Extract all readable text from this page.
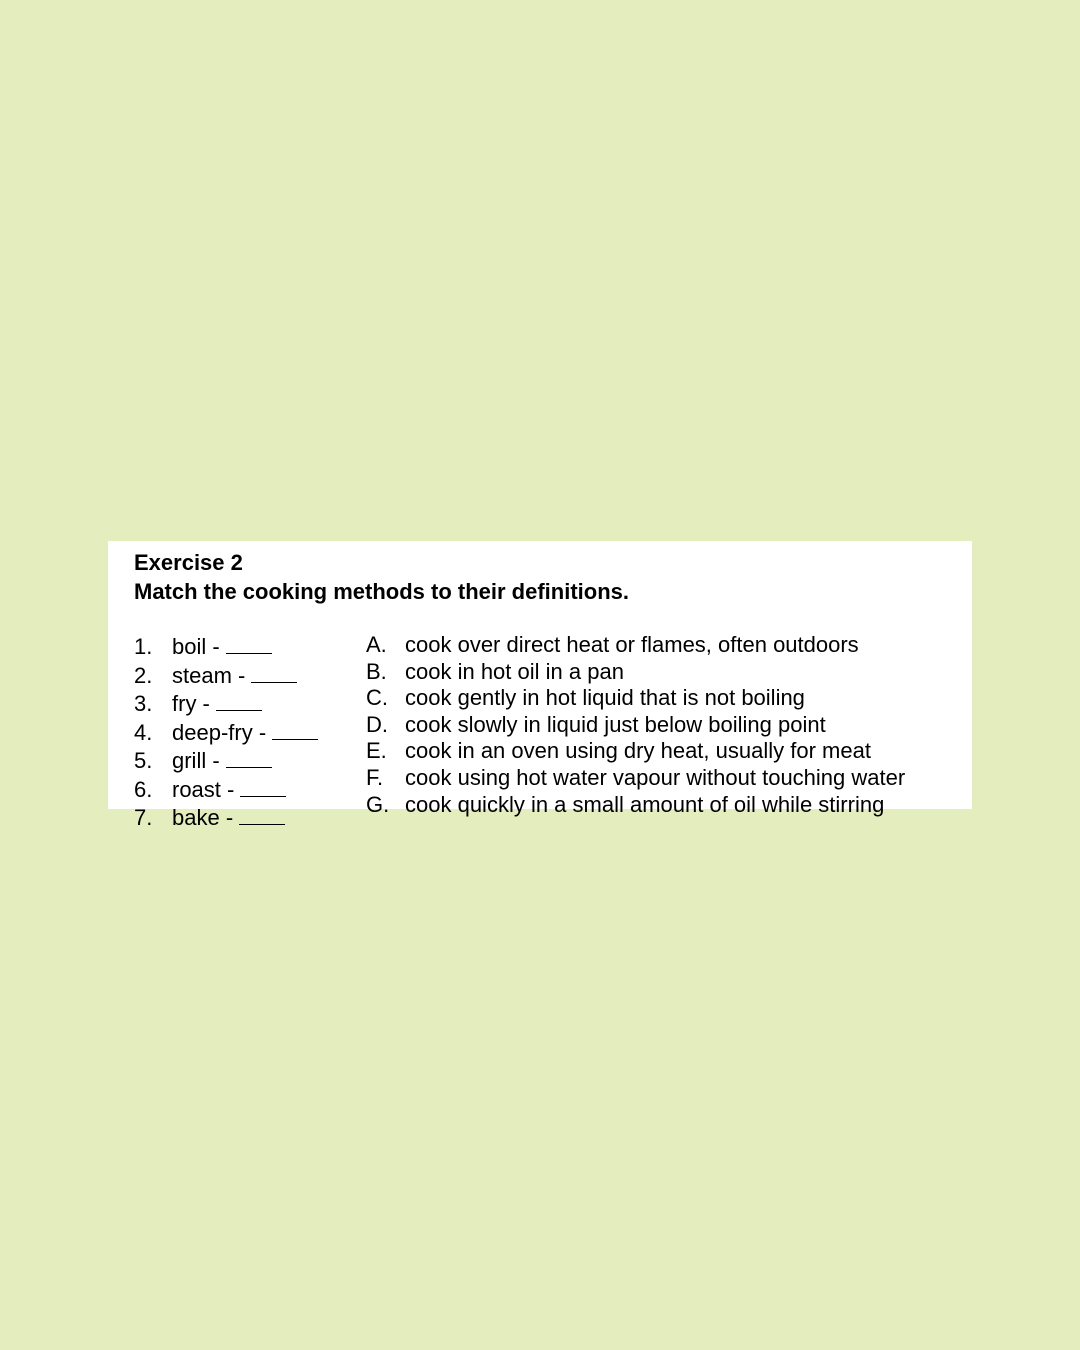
Exercise 2
Match the cooking methods to their definitions.
1. boil -
2. steam -
3. fry -
4. deep-fry -
5. grill -
6. roast -
7. bake -
A. cook over direct heat or flames, often outdoors
B. cook in hot oil in a pan
C. cook gently in hot liquid that is not boiling
D. cook slowly in liquid just below boiling point
E. cook in an oven using dry heat, usually for meat
F. cook using hot water vapour without touching water
G. cook quickly in a small amount of oil while stirring
